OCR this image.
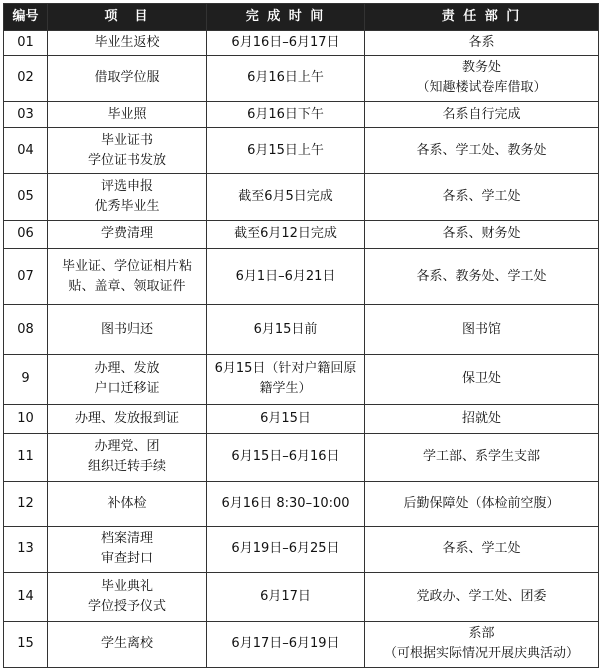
编号	项　目	完 成 时 间	责 任 部 门
01	毕业生返校	6月16日–6月17日	各系

02	借取学位服	6月16日上午	教务处
（知趣楼试卷库借取）

03	毕业照	6月16日下午	名系自行完成

04	毕业证书
学位证书发放	6月15日上午	各系、学工处、教务处

05	评选申报
优秀毕业生	截至6月5日完成	各系、学工处

06	学费清理	截至6月12日完成	各系、财务处

07	毕业证、学位证相片粘
贴、盖章、领取证件	6月1日–6月21日	各系、教务处、学工处

08	图书归还	6月15日前	图书馆

9	办理、发放
户口迁移证	6月15日（针对户籍回原
籍学生）	保卫处

10	办理、发放报到证	6月15日	招就处

11	办理党、团
组织迁转手续	6月15日–6月16日	学工部、系学生支部

12	补体检	6月16日 8:30–10:00	后勤保障处（体检前空腹）

13	档案清理
审查封口	6月19日–6月25日	各系、学工处

14	毕业典礼
学位授予仪式	6月17日	党政办、学工处、团委

15	学生离校	6月17日–6月19日	系部
（可根据实际情况开展庆典活动）
